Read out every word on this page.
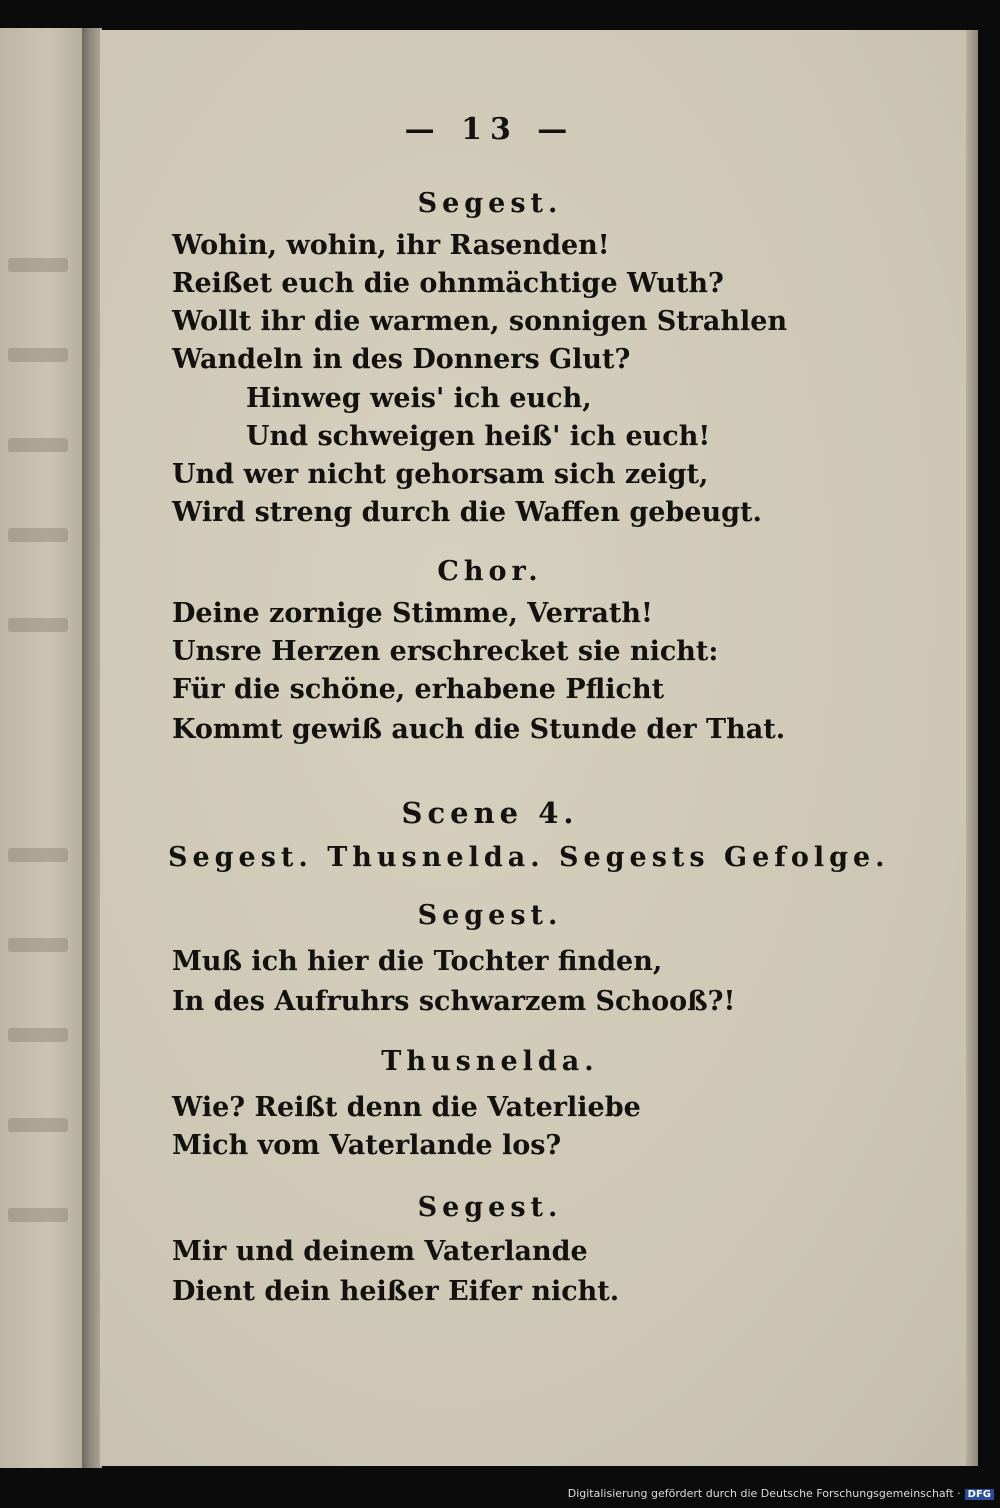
— 13 —
Segest.
Wohin, wohin, ihr Rasenden!
Reißet euch die ohnmächtige Wuth?
Wollt ihr die warmen, sonnigen Strahlen
Wandeln in des Donners Glut?
Hinweg weis' ich euch,
Und schweigen heiß' ich euch!
Und wer nicht gehorsam sich zeigt,
Wird streng durch die Waffen gebeugt.
Chor.
Deine zornige Stimme, Verrath!
Unsre Herzen erschrecket sie nicht:
Für die schöne, erhabene Pflicht
Kommt gewiß auch die Stunde der That.
Scene 4.
Segest. Thusnelda. Segests Gefolge.
Segest.
Muß ich hier die Tochter finden,
In des Aufruhrs schwarzem Schooß?!
Thusnelda.
Wie? Reißt denn die Vaterliebe
Mich vom Vaterlande los?
Segest.
Mir und deinem Vaterlande
Dient dein heißer Eifer nicht.
Digitalisierung gefördert durch die Deutsche Forschungsgemeinschaft · DFG
